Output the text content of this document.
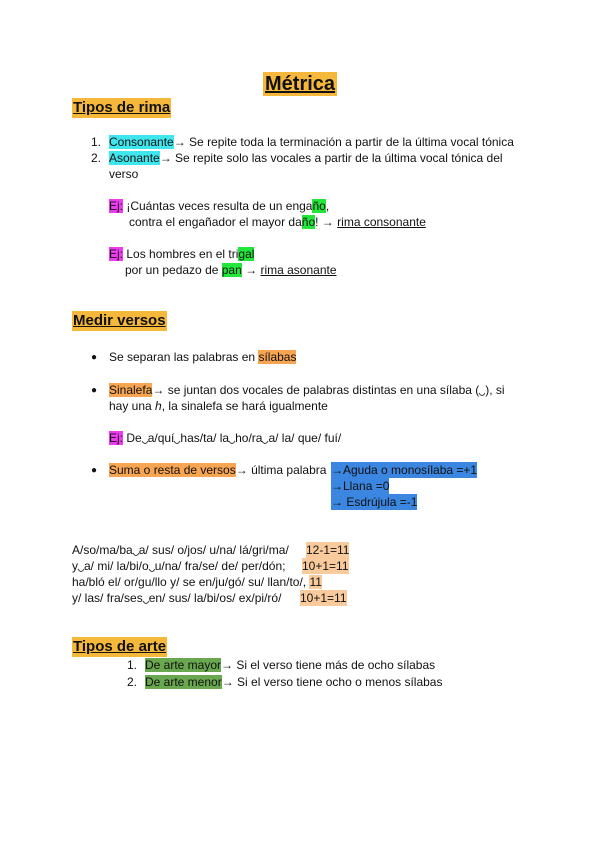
Métrica
Tipos de rima
1. Consonante→ Se repite toda la terminación a partir de la última vocal tónica
2. Asonante→ Se repite solo las vocales a partir de la última vocal tónica del
verso
Ej: ¡Cuántas veces resulta de un engaño,
contra el engañador el mayor daño! → rima consonante
Ej: Los hombres en el trigal
por un pedazo de pan → rima asonante
Medir versos
● Se separan las palabras en sílabas
● Sinalefa→ se juntan dos vocales de palabras distintas en una sílaba ( ), si
hay una h, la sinalefa se hará igualmente
Ej: De a/quí has/ta/ la ho/ra a/ la/ que/ fuí/
● Suma o resta de versos→ última palabra →Aguda o monosílaba =+1
→Llana =0
→ Esdrújula =-1
A/so/ma/ba a/ sus/ o/jos/ u/na/ lá/gri/ma/ 12-1=11
y a/ mi/ la/bi/o u/na/ fra/se/ de/ per/dón; 10+1=11
ha/bló el/ or/gu/llo y/ se en/ju/gó/ su/ llan/to/, 11
y/ las/ fra/ses en/ sus/ la/bi/os/ ex/pi/ró/ 10+1=11
Tipos de arte
1. De arte mayor→ Si el verso tiene más de ocho sílabas
2. De arte menor→ Si el verso tiene ocho o menos sílabas
